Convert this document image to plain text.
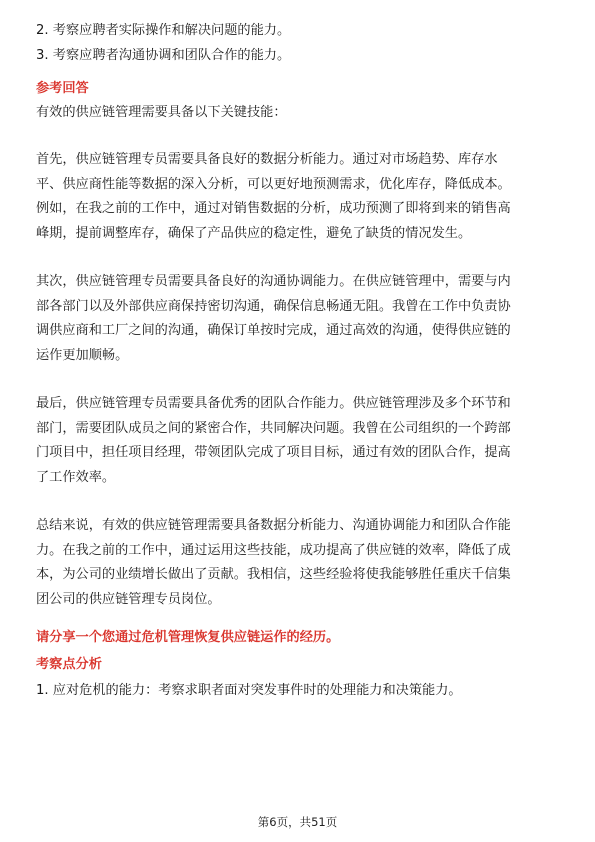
2. 考察应聘者实际操作和解决问题的能力。

3. 考察应聘者沟通协调和团队合作的能力。

参考回答

有效的供应链管理需要具备以下关键技能：

首先，供应链管理专员需要具备良好的数据分析能力。通过对市场趋势、库存水

平、供应商性能等数据的深入分析，可以更好地预测需求，优化库存，降低成本。

例如，在我之前的工作中，通过对销售数据的分析，成功预测了即将到来的销售高

峰期，提前调整库存，确保了产品供应的稳定性，避免了缺货的情况发生。

其次，供应链管理专员需要具备良好的沟通协调能力。在供应链管理中，需要与内

部各部门以及外部供应商保持密切沟通，确保信息畅通无阻。我曾在工作中负责协

调供应商和工厂之间的沟通，确保订单按时完成，通过高效的沟通，使得供应链的

运作更加顺畅。

最后，供应链管理专员需要具备优秀的团队合作能力。供应链管理涉及多个环节和

部门，需要团队成员之间的紧密合作，共同解决问题。我曾在公司组织的一个跨部

门项目中，担任项目经理，带领团队完成了项目目标，通过有效的团队合作，提高

了工作效率。

总结来说，有效的供应链管理需要具备数据分析能力、沟通协调能力和团队合作能

力。在我之前的工作中，通过运用这些技能，成功提高了供应链的效率，降低了成

本，为公司的业绩增长做出了贡献。我相信，这些经验将使我能够胜任重庆千信集

团公司的供应链管理专员岗位。

请分享一个您通过危机管理恢复供应链运作的经历。

考察点分析

1. 应对危机的能力：考察求职者面对突发事件时的处理能力和决策能力。

第6页，共51页
